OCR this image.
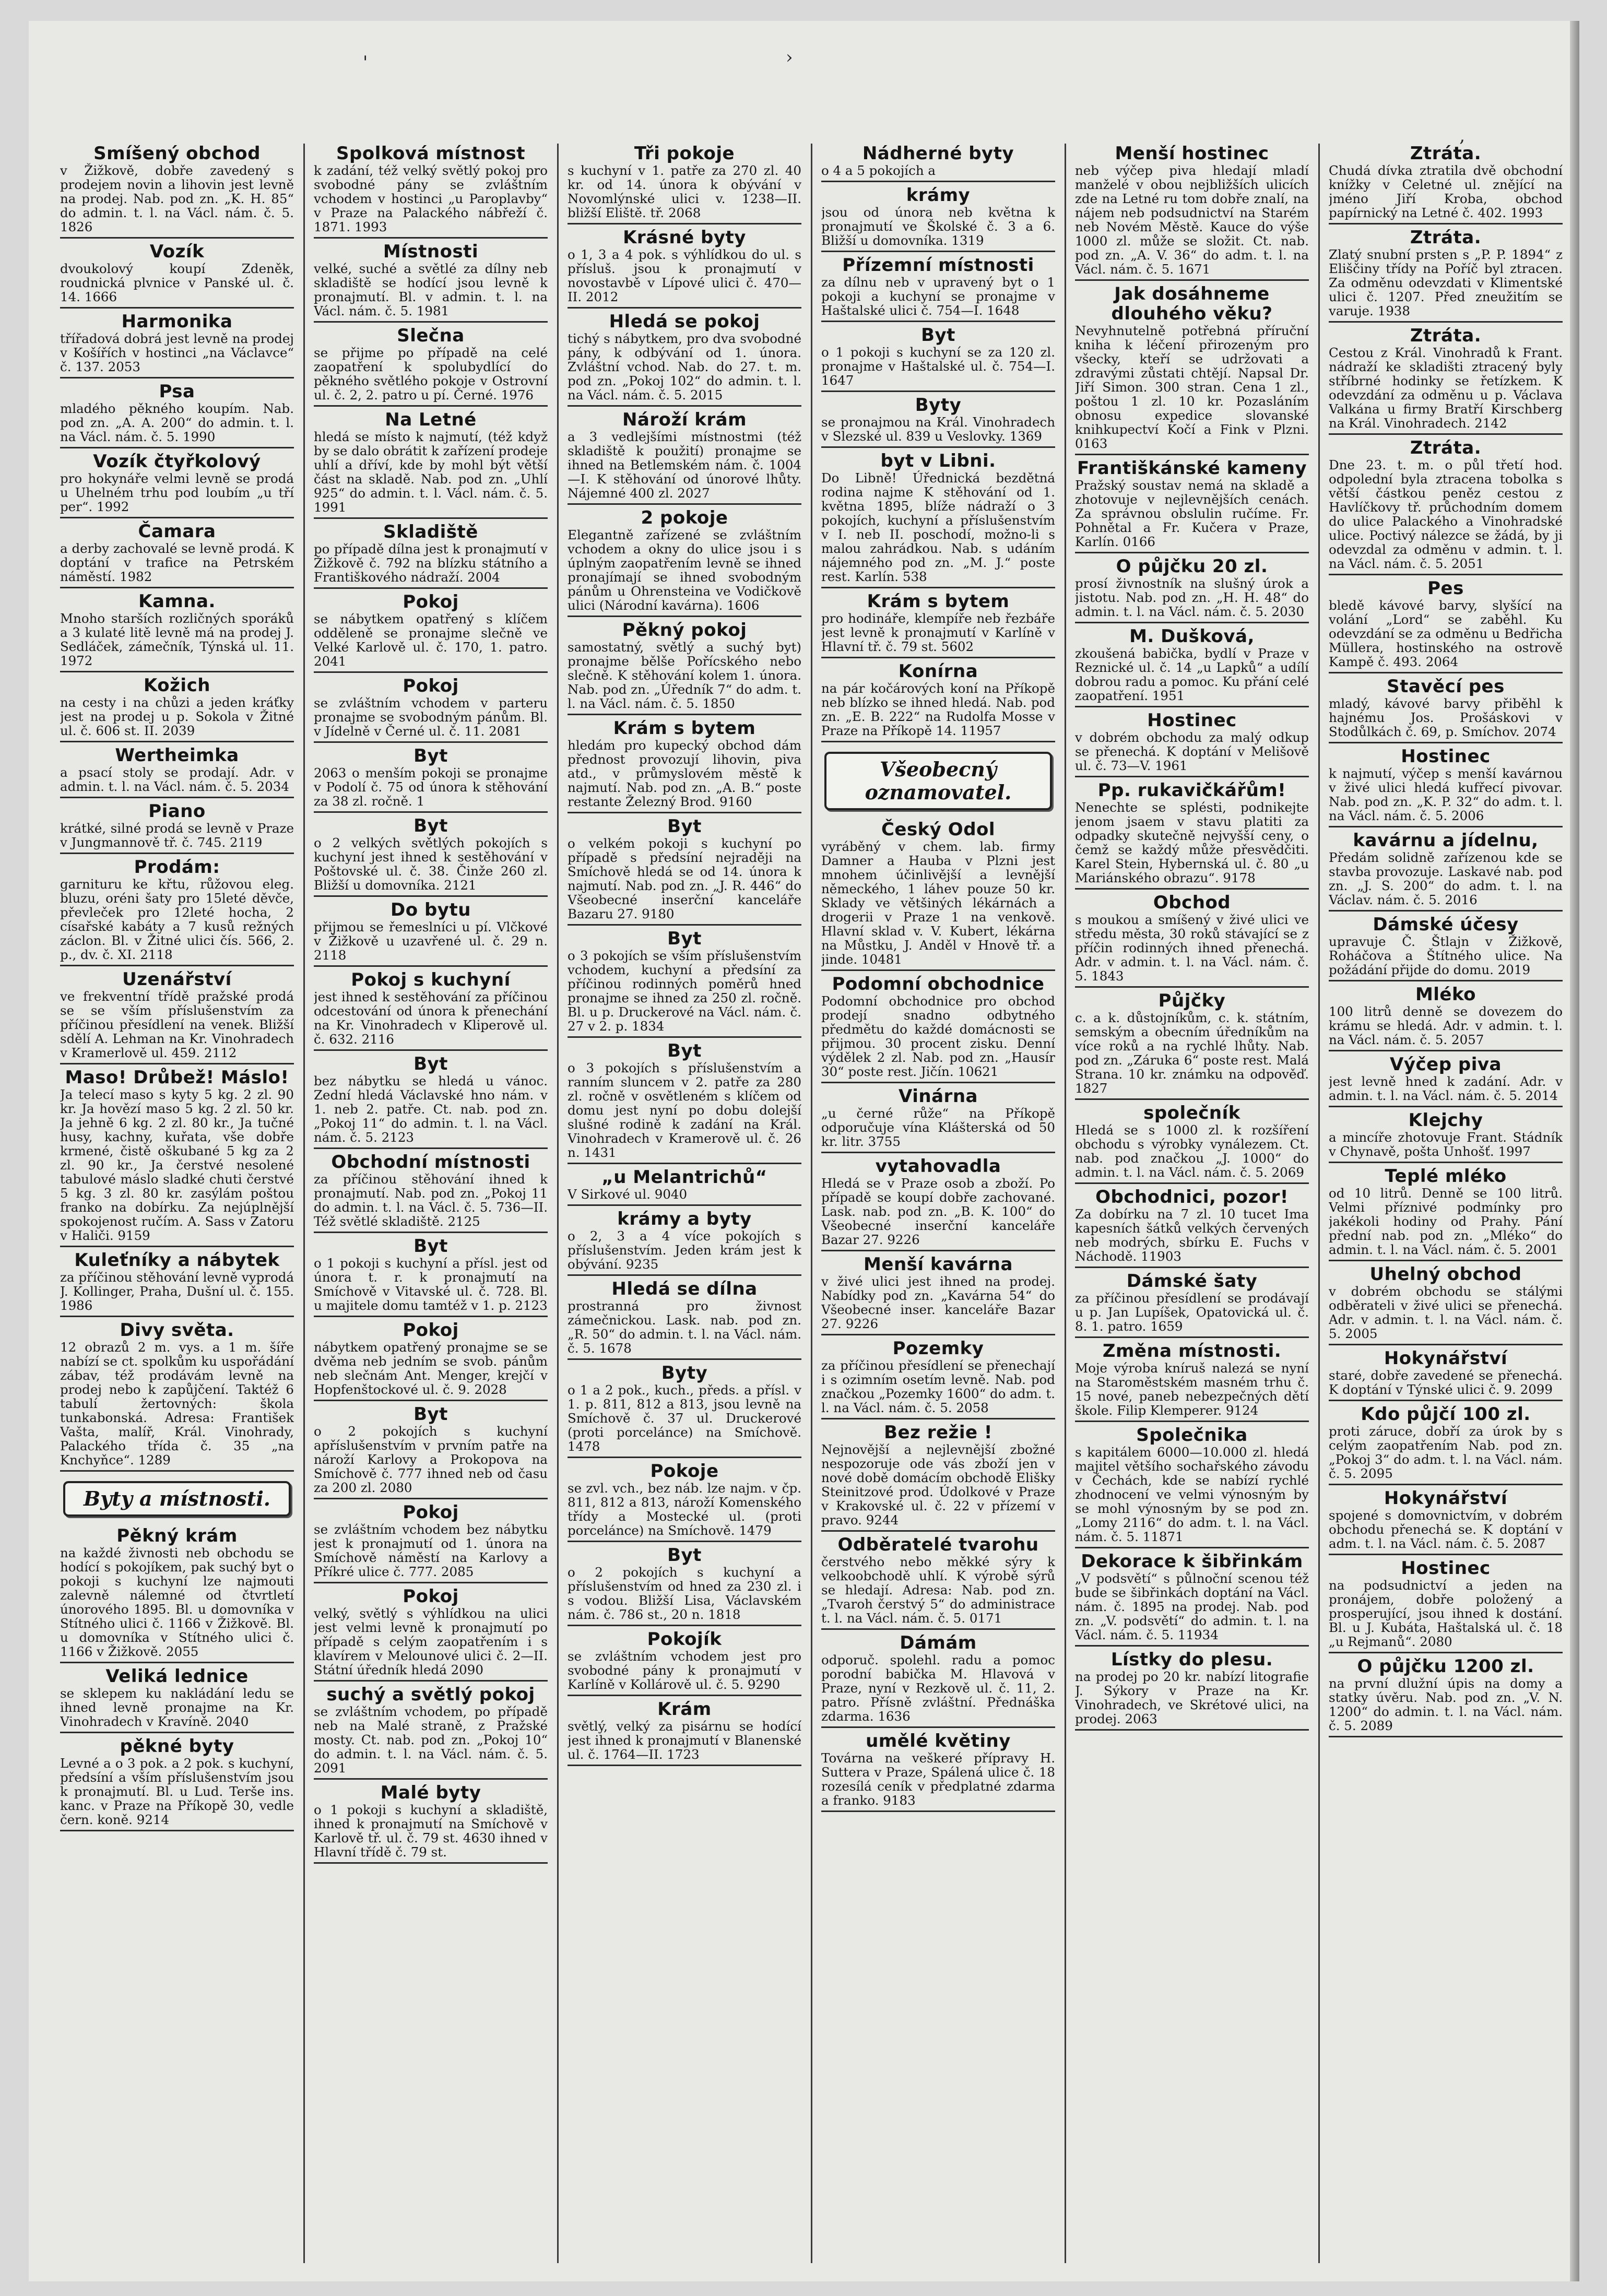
'	›
‚
Smíšený obchod
v Žižkově, dobře zavedený s prodejem novin a lihovin jest levně na prodej. Nab. pod zn. „K. H. 85“ do admin. t. l. na Václ. nám. č. 5. 1826
Vozík
dvoukolový koupí Zdeněk, roudnická plvnice v Panské ul. č. 14. 1666
Harmonika
třířadová dobrá jest levně na prodej v Košířích v hostinci „na Václavce“ č. 137. 2053
Psa
mladého pěkného koupím. Nab. pod zn. „A. A. 200“ do admin. t. l. na Václ. nám. č. 5. 1990
Vozík čtyřkolový
pro hokynáře velmi levně se prodá u Uhelném trhu pod loubím „u tří per“. 1992
Čamara
a derby zachovalé se levně prodá. K doptání v trafice na Petrském náměstí. 1982
Kamna.
Mnoho starších rozličných sporáků a 3 kulaté litě levně má na prodej J. Sedláček, zámečník, Týnská ul. 11. 1972
Kožich
na cesty i na chůzi a jeden kráťky jest na prodej u p. Sokola v Žitné ul. č. 606 st. II. 2039
Wertheimka
a psací stoly se prodají. Adr. v admin. t. l. na Václ. nám. č. 5. 2034
Piano
krátké, silné prodá se levně v Praze v Jungmannově tř. č. 745. 2119
Prodám:
garnituru ke křtu, růžovou eleg. bluzu, oréni šaty pro 15leté děvče, převleček pro 12leté hocha, 2 císařské kabáty a 7 kusů režných záclon. Bl. v Žitné ulici čís. 566, 2. p., dv. č. XI. 2118
Uzenářství
ve frekventní třídě pražské prodá se se vším příslušenstvím za příčinou přesídlení na venek. Bližší sdělí A. Lehman na Kr. Vinohradech v Kramerlově ul. 459. 2112
Maso! Drůbež! Máslo!
Ja telecí maso s kyty 5 kg. 2 zl. 90 kr. Ja hovězí maso 5 kg. 2 zl. 50 kr. Ja jehně 6 kg. 2 zl. 80 kr., Ja tučné husy, kachny, kuřata, vše dobře krmené, čistě oškubané 5 kg za 2 zl. 90 kr., Ja čerstvé nesolené tabulové máslo sladké chuti čerstvé 5 kg. 3 zl. 80 kr. zasýlám poštou franko na dobírku. Za nejúplnější spokojenost ručím. A. Sass v Zatoru v Haliči. 9159
Kuleťníky a nábytek
za příčinou stěhování levně vyprodá J. Kollinger, Praha, Dušní ul. č. 155. 1986
Divy světa.
12 obrazů 2 m. vys. a 1 m. šíře nabízí se ct. spolkům ku uspořádání zábav, též prodávám levně na prodej nebo k zapůjčení. Taktéž 6 tabulí žertovných: škola tunkabonská. Adresa: František Vašta, malíř, Král. Vinohrady, Palackého třída č. 35 „na Knchyňce“. 1289
Byty a místnosti.
Pěkný krám
na každé živnosti neb obchodu se hodící s pokojíkem, pak suchý byt o pokoji s kuchyní lze najmouti zalevně nálemné od čtvrtletí únorového 1895. Bl. u domovníka v Stítného ulici č. 1166 v Žižkově. Bl. u domovníka v Stítného ulici č. 1166 v Žižkově. 2055
Veliká lednice
se sklepem ku nakládání ledu se ihned levně pronajme na Kr. Vinohradech v Kravíně. 2040
pěkné byty
Levné a o 3 pok. a 2 pok. s kuchyní, předsíní a vším příslušenstvím jsou k pronajmutí. Bl. u Lud. Terše ins. kanc. v Praze na Příkopě 30, vedle čern. koně. 9214
Spolková místnost
k zadání, též velký světlý pokoj pro svobodné pány se zvláštním vchodem v hostinci „u Paroplavby“ v Praze na Palackého nábřeží č. 1871. 1993
Místnosti
velké, suché a světlé za dílny neb skladiště se hodící jsou levně k pronajmutí. Bl. v admin. t. l. na Václ. nám. č. 5. 1981
Slečna
se přijme po případě na celé zaopatření k spolubydlící do pěkného světlého pokoje v Ostrovní ul. č. 2, 2. patro u pí. Černé. 1976
Na Letné
hledá se místo k najmutí, (též když by se dalo obrátit k zařízení prodeje uhlí a dříví, kde by mohl být větší část na skladě. Nab. pod zn. „Uhlí 925“ do admin. t. l. Václ. nám. č. 5. 1991
Skladiště
po případě dílna jest k pronajmutí v Žižkově č. 792 na blízku státního a Františkového nádraží. 2004
Pokoj
se nábytkem opatřený s klíčem odděleně se pronajme slečně ve Velké Karlově ul. č. 170, 1. patro. 2041
Pokoj
se zvláštním vchodem v parteru pronajme se svobodným pánům. Bl. v Jídelně v Černé ul. č. 11. 2081
Byt
2063 o menším pokoji se pronajme v Podolí č. 75 od února k stěhování za 38 zl. ročně. 1
Byt
o 2 velkých světlých pokojích s kuchyní jest ihned k sestěhování v Poštovské ul. č. 38. Činže 260 zl. Bližší u domovníka. 2121
Do bytu
přijmou se řemeslníci u pí. Vlčkové v Žižkově u uzavřené ul. č. 29 n. 2118
Pokoj s kuchyní
jest ihned k sestěhování za příčinou odcestování od února k přenechání na Kr. Vinohradech v Kliperově ul. č. 632. 2116
Byt
bez nábytku se hledá u vánoc. Zední hledá Václavské hno nám. v 1. neb 2. patře. Ct. nab. pod zn. „Pokoj 11“ do admin. t. l. na Václ. nám. č. 5. 2123
Obchodní místnosti
za příčinou stěhování ihned k pronajmutí. Nab. pod zn. „Pokoj 11 do admin. t. l. na Václ. č. 5. 736—II. Též světlé skladiště. 2125
Byt
o 1 pokoji s kuchyní a přísl. jest od února t. r. k pronajmutí na Smíchově v Vitavské ul. č. 728. Bl. u majitele domu tamtéž v 1. p. 2123
Pokoj
nábytkem opatřený pronajme se se dvěma neb jedním se svob. pánům neb slečnám Ant. Menger, krejčí v Hopfenštockové ul. č. 9. 2028
Byt
o 2 pokojích s kuchyní apříslušenstvím v prvním patře na nároží Karlovy a Prokopova na Smíchově č. 777 ihned neb od času za 200 zl. 2080
Pokoj
se zvláštním vchodem bez nábytku jest k pronajmutí od 1. února na Smíchově náměstí na Karlovy a Příkré ulice č. 777. 2085
Pokoj
velký, světlý s výhlídkou na ulici jest velmi levně k pronajmutí po případě s celým zaopatřením i s klavírem v Melounové ulici č. 2—II. Státní úředník hledá 2090
suchý a světlý pokoj
se zvláštním vchodem, po případě neb na Malé straně, z Pražské mosty. Ct. nab. pod zn. „Pokoj 10“ do admin. t. l. na Václ. nám. č. 5. 2091
Malé byty
o 1 pokoji s kuchyní a skladiště, ihned k pronajmutí na Smíchově v Karlově tř. ul. č. 79 st. 4630 ihned v Hlavní třídě č. 79 st.
Tři pokoje
s kuchyní v 1. patře za 270 zl. 40 kr. od 14. února k obývání v Novomlýnské ulici v. 1238—II. bližší Eliště. tř. 2068
Krásné byty
o 1, 3 a 4 pok. s výhlídkou do ul. s přísluš. jsou k pronajmutí v novostavbě v Lípové ulici č. 470—II. 2012
Hledá se pokoj
tichý s nábytkem, pro dva svobodné pány, k odbývání od 1. února. Zvláštní vchod. Nab. do 27. t. m. pod zn. „Pokoj 102“ do admin. t. l. na Václ. nám. č. 5. 2015
Nároží krám
a 3 vedlejšími místnostmi (též skladiště k použití) pronajme se ihned na Betlemském nám. č. 1004—I. K stěhování od únorové lhůty. Nájemné 400 zl. 2027
2 pokoje
Elegantně zařízené se zvláštním vchodem a okny do ulice jsou i s úplným zaopatřením levně se ihned pronajímají se ihned svobodným pánům u Ohrensteina ve Vodičkově ulici (Národní kavárna). 1606
Pěkný pokoj
samostatný, světlý a suchý byt) pronajme bělše Pořícského nebo slečně. K stěhování kolem 1. února. Nab. pod zn. „Úředník 7“ do adm. t. l. na Václ. nám. č. 5. 1850
Krám s bytem
hledám pro kupecký obchod dám přednost provozují lihovin, piva atd., v průmyslovém městě k najmutí. Nab. pod zn. „A. B.“ poste restante Železný Brod. 9160
Byt
o velkém pokoji s kuchyní po případě s předsíní nejraději na Smíchově hledá se od 14. února k najmutí. Nab. pod zn. „J. R. 446“ do Všeobecné inserční kanceláře Bazaru 27. 9180
Byt
o 3 pokojích se vším příslušenstvím vchodem, kuchyní a předsíní za příčinou rodinných poměrů hned pronajme se ihned za 250 zl. ročně. Bl. u p. Druckerové na Václ. nám. č. 27 v 2. p. 1834
Byt
o 3 pokojích s příslušenstvím a ranním sluncem v 2. patře za 280 zl. ročně v osvětleném s klíčem od domu jest nyní po dobu dolejší slušné rodině k zadání na Král. Vinohradech v Kramerově ul. č. 26 n. 1431
„u Melantrichů“
V Sirkové ul. 9040
krámy a byty
o 2, 3 a 4 více pokojích s příslušenstvím. Jeden krám jest k obývání. 9235
Hledá se dílna
prostranná pro živnost zámečnickou. Lask. nab. pod zn. „R. 50“ do admin. t. l. na Václ. nám. č. 5. 1678
Byty
o 1 a 2 pok., kuch., předs. a přísl. v 1. p. 811, 812 a 813, jsou levně na Smíchově č. 37 ul. Druckerové (proti porcelánce) na Smíchově. 1478
Pokoje
se zvl. vch., bez náb. lze najm. v čp. 811, 812 a 813, nároží Komenského třídy a Mostecké ul. (proti porcelánce) na Smíchově. 1479
Byt
o 2 pokojích s kuchyní a příslušenstvím od hned za 230 zl. i s vodou. Bližší Lisa, Václavském nám. č. 786 st., 20 n. 1818
Pokojík
se zvláštním vchodem jest pro svobodné pány k pronajmutí v Karlíně v Kollárově ul. č. 5. 9290
Krám
světlý, velký za pisárnu se hodící jest ihned k pronajmutí v Blanenské ul. č. 1764—II. 1723
Nádherné byty
o 4 a 5 pokojích a
krámy
jsou od února neb května k pronajmutí ve Školské č. 3 a 6. Bližší u domovníka. 1319
Přízemní místnosti
za dílnu neb v upravený byt o 1 pokoji a kuchyní se pronajme v Haštalské ulici č. 754—I. 1648
Byt
o 1 pokoji s kuchyní se za 120 zl. pronajme v Haštalské ul. č. 754—I. 1647
Byty
se pronajmou na Král. Vinohradech v Slezské ul. 839 u Veslovky. 1369
byt v Libni.
Do Libně! Úřednická bezdětná rodina najme K stěhování od 1. května 1895, blíže nádraží o 3 pokojích, kuchyní a příslušenstvím v I. neb II. poschodí, možno-li s malou zahrádkou. Nab. s udáním nájemného pod zn. „M. J.“ poste rest. Karlín. 538
Krám s bytem
pro hodináře, klempíře neb řezbáře jest levně k pronajmutí v Karlíně v Hlavní tř. č. 79 st. 5602
Konírna
na pár kočárových koní na Příkopě neb blízko se ihned hledá. Nab. pod zn. „E. B. 222“ na Rudolfa Mosse v Praze na Příkopě 14. 11957
Všeobecný oznamovatel.
Český Odol
vyráběný v chem. lab. firmy Damner a Hauba v Plzni jest mnohem účinlivější a levnější německého, 1 láhev pouze 50 kr. Sklady ve většiných lékárnách a drogerii v Praze 1 na venkově. Hlavní sklad v. V. Kubert, lékárna na Můstku, J. Anděl v Hnově tř. a jinde. 10481
Podomní obchodnice
Podomní obchodnice pro obchod prodejí snadno odbytného předmětu do každé domácnosti se přijmou. 30 procent zisku. Denní výdělek 2 zl. Nab. pod zn. „Hausír 30“ poste rest. Jičín. 10621
Vinárna
„u černé růže“ na Příkopě odporučuje vína Klášterská od 50 kr. litr. 3755
vytahovadla
Hledá se v Praze osob a zboží. Po případě se koupí dobře zachované. Lask. nab. pod zn. „B. K. 100“ do Všeobecné inserční kanceláře Bazar 27. 9226
Menší kavárna
v živé ulici jest ihned na prodej. Nabídky pod zn. „Kavárna 54“ do Všeobecné inser. kanceláře Bazar 27. 9226
Pozemky
za příčinou přesídlení se přenechají i s ozimním osetím levně. Nab. pod značkou „Pozemky 1600“ do adm. t. l. na Václ. nám. č. 5. 2058
Bez režie !
Nejnovější a nejlevnější zbožné nespozoruje ode vás zboží jen v nové době domácím obchodě Elišky Steinitzové prod. Údolkové v Praze v Krakovské ul. č. 22 v přízemí v pravo. 9244
Odběratelé tvarohu
čerstvého nebo měkké sýry k velkoobchodě uhlí. K výrobě sýrů se hledají. Adresa: Nab. pod zn. „Tvaroh čerstvý 5“ do administrace t. l. na Václ. nám. č. 5. 0171
Dámám
odporuč. spolehl. radu a pomoc porodní babička M. Hlavová v Praze, nyní v Rezkově ul. č. 11, 2. patro. Přísně zvláštní. Přednáška zdarma. 1636
umělé květiny
Továrna na veškeré přípravy H. Suttera v Praze, Spálená ulice č. 18 rozesílá ceník v předplatné zdarma a franko. 9183
Menší hostinec
neb výčep piva hledají mladí manželé v obou nejbližších ulicích zde na Letné ru tom dobře znalí, na nájem neb podsudnictví na Starém neb Novém Městě. Kauce do výše 1000 zl. může se složit. Ct. nab. pod zn. „A. V. 36“ do adm. t. l. na Václ. nám. č. 5. 1671
Jak dosáhneme dlouhého věku?
Nevyhnutelně potřebná příruční kniha k léčení přirozeným pro všecky, kteří se udržovati a zdravými zůstati chtějí. Napsal Dr. Jiří Simon. 300 stran. Cena 1 zl., poštou 1 zl. 10 kr. Pozasláním obnosu expedice slovanské knihkupectví Kočí a Fink v Plzni. 0163
Františkánské kameny
Pražský soustav nemá na skladě a zhotovuje v nejlevnějších cenách. Za správnou obslulin ručíme. Fr. Pohnětal a Fr. Kučera v Praze, Karlín. 0166
O půjčku 20 zl.
prosí živnostník na slušný úrok a jistotu. Nab. pod zn. „H. H. 48“ do admin. t. l. na Václ. nám. č. 5. 2030
M. Dušková,
zkoušená babička, bydlí v Praze v Reznické ul. č. 14 „u Lapků“ a udílí dobrou radu a pomoc. Ku přání celé zaopatření. 1951
Hostinec
v dobrém obchodu za malý odkup se přenechá. K doptání v Melišově ul. č. 73—V. 1961
Pp. rukavičkářům!
Nenechte se splésti, podnikejte jenom jsaem v stavu platiti za odpadky skutečně nejvyšší ceny, o čemž se každý může přesvědčiti. Karel Stein, Hybernská ul. č. 80 „u Mariánského obrazu“. 9178
Obchod
s moukou a smíšený v živé ulici ve středu města, 30 roků stávající se z příčin rodinných ihned přenechá. Adr. v admin. t. l. na Václ. nám. č. 5. 1843
Půjčky
c. a k. důstojníkům, c. k. státním, semským a obecním úředníkům na více roků a na rychlé lhůty. Nab. pod zn. „Záruka 6“ poste rest. Malá Strana. 10 kr. známku na odpověď. 1827
společník
Hledá se s 1000 zl. k rozšíření obchodu s výrobky vynálezem. Ct. nab. pod značkou „J. 1000“ do admin. t. l. na Václ. nám. č. 5. 2069
Obchodnici, pozor!
Za dobírku na 7 zl. 10 tucet Ima kapesních šátků velkých červených neb modrých, sbírku E. Fuchs v Náchodě. 11903
Dámské šaty
za příčinou přesídlení se prodávají u p. Jan Lupíšek, Opatovická ul. č. 8. 1. patro. 1659
Změna místnosti.
Moje výroba kníruš nalezá se nyní na Staroměstském masném trhu č. 15 nové, paneb nebezpečných dětí škole. Filip Klemperer. 9124
Společnika
s kapitálem 6000—10.000 zl. hledá majitel většího sochařského závodu v Čechách, kde se nabízí rychlé zhodnocení ve velmi výnosným by se mohl výnosným by se pod zn. „Lomy 2116“ do adm. t. l. na Václ. nám. č. 5. 11871
Dekorace k šibřinkám
„V podsvětí“ s půlnoční scenou též bude se šibřinkách doptání na Václ. nám. č. 1895 na prodej. Nab. pod zn. „V. podsvětí“ do admin. t. l. na Václ. nám. č. 5. 11934
Lístky do plesu.
na prodej po 20 kr. nabízí litografie J. Sýkory v Praze na Kr. Vinohradech, ve Skrétové ulici, na prodej. 2063
Ztráta.
Chudá dívka ztratila dvě obchodní knížky v Celetné ul. znějící na jméno Jiří Kroba, obchod papírnický na Letné č. 402. 1993
Ztráta.
Zlatý snubní prsten s „P. P. 1894“ z Eliščiny třídy na Poříč byl ztracen. Za odměnu odevzdati v Klimentské ulici č. 1207. Před zneužitím se varuje. 1938
Ztráta.
Cestou z Král. Vinohradů k Frant. nádraží ke skladišti ztracený byly stříbrné hodinky se řetízkem. K odevzdání za odměnu u p. Václava Valkána u firmy Bratří Kirschberg na Král. Vinohradech. 2142
Ztráta.
Dne 23. t. m. o půl třetí hod. odpolední byla ztracena tobolka s větší částkou peněz cestou z Havlíčkovy tř. průchodním domem do ulice Palackého a Vinohradské ulice. Poctivý nálezce se žádá, by ji odevzdal za odměnu v admin. t. l. na Václ. nám. č. 5. 2051
Pes
bledě kávové barvy, slyšící na volání „Lord“ se zaběhl. Ku odevzdání se za odměnu u Bedřicha Müllera, hostinského na ostrově Kampě č. 493. 2064
Stavěcí pes
mladý, kávové barvy přiběhl k hajnému Jos. Prošáskovi v Stodůlkách č. 69, p. Smíchov. 2074
Hostinec
k najmutí, výčep s menší kavárnou v živé ulici hledá kufřecí pivovar. Nab. pod zn. „K. P. 32“ do adm. t. l. na Václ. nám. č. 5. 2006
kavárnu a jídelnu,
Předám solidně zařízenou kde se stavba provozuje. Laskavé nab. pod zn. „J. S. 200“ do adm. t. l. na Václav. nám. č. 5. 2016
Dámské účesy
upravuje Č. Štlajn v Žižkově, Roháčova a Štítného ulice. Na požádání přijde do domu. 2019
Mléko
100 litrů denně se dovezem do krámu se hledá. Adr. v admin. t. l. na Václ. nám. č. 5. 2057
Výčep piva
jest levně hned k zadání. Adr. v admin. t. l. na Václ. nám. č. 5. 2014
Klejchy
a mincíře zhotovuje Frant. Stádník v Chynavě, pošta Unhošť. 1997
Teplé mléko
od 10 litrů. Denně se 100 litrů. Velmi příznivé podmínky pro jakékoli hodiny od Prahy. Pání přední nab. pod zn. „Mléko“ do admin. t. l. na Václ. nám. č. 5. 2001
Uhelný obchod
v dobrém obchodu se stálými odběrateli v živé ulici se přenechá. Adr. v admin. t. l. na Václ. nám. č. 5. 2005
Hokynářství
staré, dobře zavedené se přenechá. K doptání v Týnské ulici č. 9. 2099
Kdo půjčí 100 zl.
proti záruce, dobří za úrok by s celým zaopatřením Nab. pod zn. „Pokoj 3“ do adm. t. l. na Václ. nám. č. 5. 2095
Hokynářství
spojené s domovnictvím, v dobrém obchodu přenechá se. K doptání v adm. t. l. na Václ. nám. č. 5. 2087
Hostinec
na podsudnictví a jeden na pronájem, dobře položený a prosperující, jsou ihned k dostání. Bl. u J. Kubáta, Haštalská ul. č. 18 „u Rejmanů“. 2080
O půjčku 1200 zl.
na první dlužní úpis na domy a statky úvěru. Nab. pod zn. „V. N. 1200“ do admin. t. l. na Václ. nám. č. 5. 2089
